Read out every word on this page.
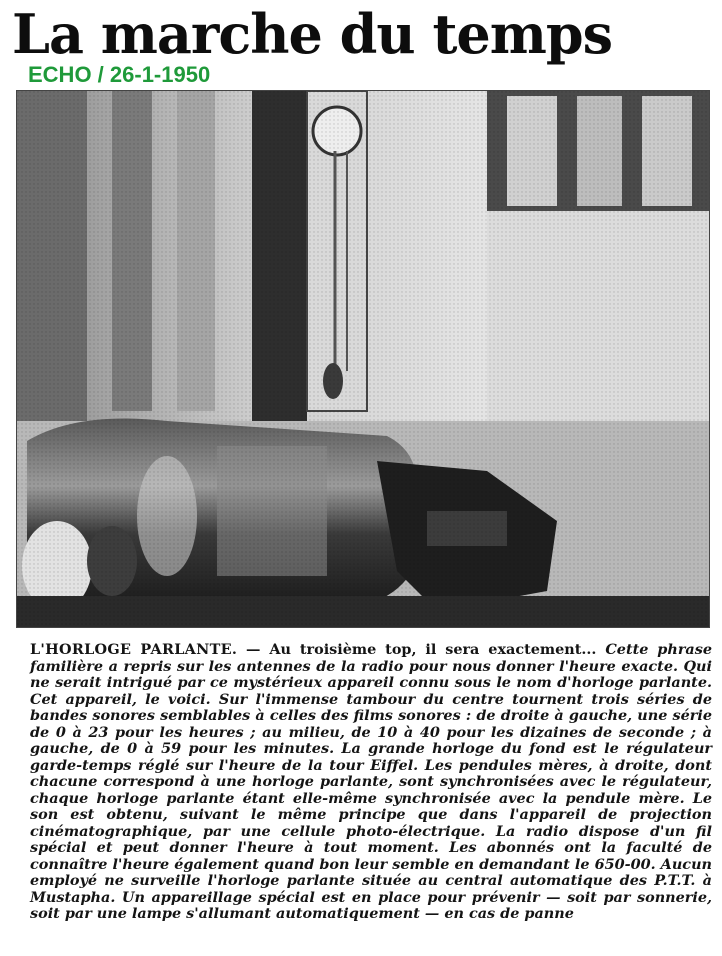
La marche du temps
ECHO / 26-1-1950
L'HORLOGE PARLANTE. — Au troisième top, il sera exactement... Cette phrase familière a repris sur les antennes de la radio pour nous donner l'heure exacte. Qui ne serait intrigué par ce mystérieux appareil connu sous le nom d'horloge parlante. Cet appareil, le voici. Sur l'immense tambour du centre tournent trois séries de bandes sonores semblables à celles des films sonores : de droite à gauche, une série de 0 à 23 pour les heures ; au milieu, de 10 à 40 pour les dizaines de seconde ; à gauche, de 0 à 59 pour les minutes. La grande horloge du fond est le régulateur garde-temps réglé sur l'heure de la tour Eiffel. Les pendules mères, à droite, dont chacune correspond à une horloge parlante, sont synchronisées avec le régulateur, chaque horloge parlante étant elle-même synchronisée avec la pendule mère. Le son est obtenu, suivant le même principe que dans l'appareil de projection cinématographique, par une cellule photo-électrique. La radio dispose d'un fil spécial et peut donner l'heure à tout moment. Les abonnés ont la faculté de connaître l'heure également quand bon leur semble en demandant le 650-00. Aucun employé ne surveille l'horloge parlante située au central automatique des P.T.T. à Mustapha. Un appareillage spécial est en place pour prévenir — soit par sonnerie, soit par une lampe s'allumant automatiquement — en cas de panne
